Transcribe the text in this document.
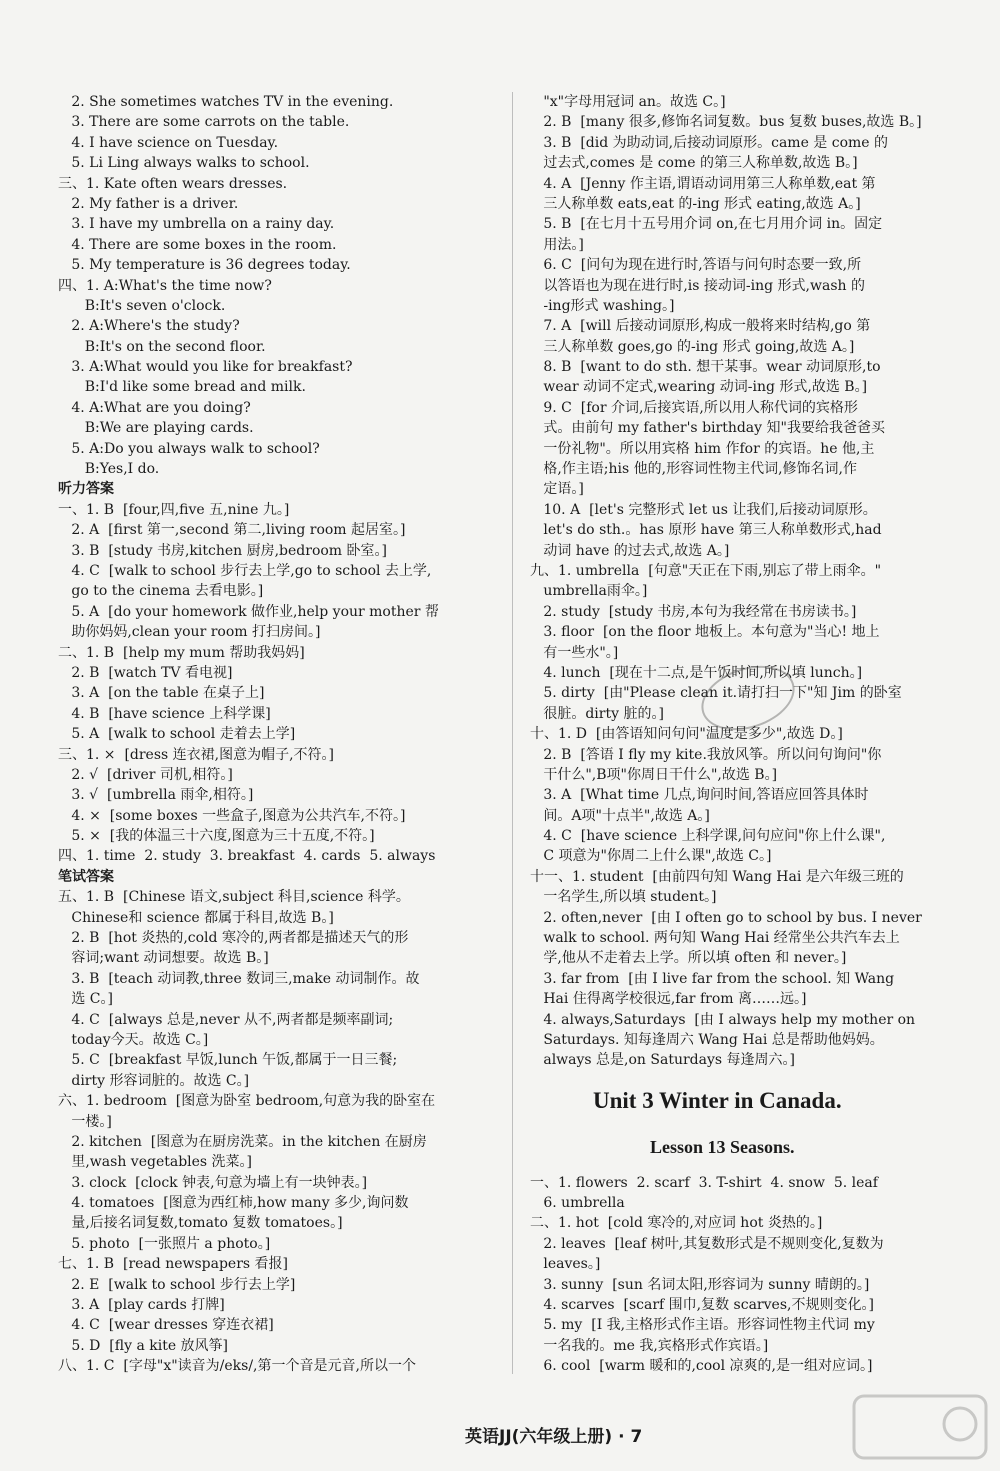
2. She sometimes watches TV in the evening.
3. There are some carrots on the table.
4. I have science on Tuesday.
5. Li Ling always walks to school.
三、1. Kate often wears dresses.
2. My father is a driver.
3. I have my umbrella on a rainy day.
4. There are some boxes in the room.
5. My temperature is 36 degrees today.
四、1. A:What's the time now?
B:It's seven o'clock.
2. A:Where's the study?
B:It's on the second floor.
3. A:What would you like for breakfast?
B:I'd like some bread and milk.
4. A:What are you doing?
B:We are playing cards.
5. A:Do you always walk to school?
B:Yes,I do.
听力答案
一、1. B  [four,四,five 五,nine 九。]
2. A  [first 第一,second 第二,living room 起居室。]
3. B  [study 书房,kitchen 厨房,bedroom 卧室。]
4. C  [walk to school 步行去上学,go to school 去上学,
go to the cinema 去看电影。]
5. A  [do your homework 做作业,help your mother 帮
助你妈妈,clean your room 打扫房间。]
二、1. B  [help my mum 帮助我妈妈]
2. B  [watch TV 看电视]
3. A  [on the table 在桌子上]
4. B  [have science 上科学课]
5. A  [walk to school 走着去上学]
三、1. ×  [dress 连衣裙,图意为帽子,不符。]
2. √  [driver 司机,相符。]
3. √  [umbrella 雨伞,相符。]
4. ×  [some boxes 一些盒子,图意为公共汽车,不符。]
5. ×  [我的体温三十六度,图意为三十五度,不符。]
四、1. time  2. study  3. breakfast  4. cards  5. always
笔试答案
五、1. B  [Chinese 语文,subject 科目,science 科学。
Chinese和 science 都属于科目,故选 B。]
2. B  [hot 炎热的,cold 寒冷的,两者都是描述天气的形
容词;want 动词想要。故选 B。]
3. B  [teach 动词教,three 数词三,make 动词制作。故
选 C。]
4. C  [always 总是,never 从不,两者都是频率副词;
today今天。故选 C。]
5. C  [breakfast 早饭,lunch 午饭,都属于一日三餐;
dirty 形容词脏的。故选 C。]
六、1. bedroom  [图意为卧室 bedroom,句意为我的卧室在
一楼。]
2. kitchen  [图意为在厨房洗菜。in the kitchen 在厨房
里,wash vegetables 洗菜。]
3. clock  [clock 钟表,句意为墙上有一块钟表。]
4. tomatoes  [图意为西红柿,how many 多少,询问数
量,后接名词复数,tomato 复数 tomatoes。]
5. photo  [一张照片 a photo。]
七、1. B  [read newspapers 看报]
2. E  [walk to school 步行去上学]
3. A  [play cards 打牌]
4. C  [wear dresses 穿连衣裙]
5. D  [fly a kite 放风筝]
八、1. C  [字母"x"读音为/eks/,第一个音是元音,所以一个
"x"字母用冠词 an。故选 C。]
2. B  [many 很多,修饰名词复数。bus 复数 buses,故选 B。]
3. B  [did 为助动词,后接动词原形。came 是 come 的
过去式,comes 是 come 的第三人称单数,故选 B。]
4. A  [Jenny 作主语,谓语动词用第三人称单数,eat 第
三人称单数 eats,eat 的-ing 形式 eating,故选 A。]
5. B  [在七月十五号用介词 on,在七月用介词 in。固定
用法。]
6. C  [问句为现在进行时,答语与问句时态要一致,所
以答语也为现在进行时,is 接动词-ing 形式,wash 的
-ing形式 washing。]
7. A  [will 后接动词原形,构成一般将来时结构,go 第
三人称单数 goes,go 的-ing 形式 going,故选 A。]
8. B  [want to do sth. 想干某事。wear 动词原形,to
wear 动词不定式,wearing 动词-ing 形式,故选 B。]
9. C  [for 介词,后接宾语,所以用人称代词的宾格形
式。由前句 my father's birthday 知"我要给我爸爸买
一份礼物"。所以用宾格 him 作for 的宾语。he 他,主
格,作主语;his 他的,形容词性物主代词,修饰名词,作
定语。]
10. A  [let's 完整形式 let us 让我们,后接动词原形。
let's do sth.。has 原形 have 第三人称单数形式,had
动词 have 的过去式,故选 A。]
九、1. umbrella  [句意"天正在下雨,别忘了带上雨伞。"
umbrella雨伞。]
2. study  [study 书房,本句为我经常在书房读书。]
3. floor  [on the floor 地板上。本句意为"当心! 地上
有一些水"。]
4. lunch  [现在十二点,是午饭时间,所以填 lunch。]
5. dirty  [由"Please clean it.请打扫一下"知 Jim 的卧室
很脏。dirty 脏的。]
十、1. D  [由答语知问句问"温度是多少",故选 D。]
2. B  [答语 I fly my kite.我放风筝。所以问句询问"你
干什么",B项"你周日干什么",故选 B。]
3. A  [What time 几点,询问时间,答语应回答具体时
间。A项"十点半",故选 A。]
4. C  [have science 上科学课,问句应问"你上什么课",
C 项意为"你周二上什么课",故选 C。]
十一、1. student  [由前四句知 Wang Hai 是六年级三班的
一名学生,所以填 student。]
2. often,never  [由 I often go to school by bus. I never
walk to school. 两句知 Wang Hai 经常坐公共汽车去上
学,他从不走着去上学。所以填 often 和 never。]
3. far from  [由 I live far from the school. 知 Wang
Hai 住得离学校很远,far from 离……远。]
4. always,Saturdays  [由 I always help my mother on
Saturdays. 知每逢周六 Wang Hai 总是帮助他妈妈。
always 总是,on Saturdays 每逢周六。]
一、1. flowers  2. scarf  3. T-shirt  4. snow  5. leaf
6. umbrella
二、1. hot  [cold 寒冷的,对应词 hot 炎热的。]
2. leaves  [leaf 树叶,其复数形式是不规则变化,复数为
leaves。]
3. sunny  [sun 名词太阳,形容词为 sunny 晴朗的。]
4. scarves  [scarf 围巾,复数 scarves,不规则变化。]
5. my  [I 我,主格形式作主语。形容词性物主代词 my
一名我的。me 我,宾格形式作宾语。]
6. cool  [warm 暖和的,cool 凉爽的,是一组对应词。]
Unit 3 Winter in Canada.
Lesson 13 Seasons.
英语JJ(六年级上册) · 7
